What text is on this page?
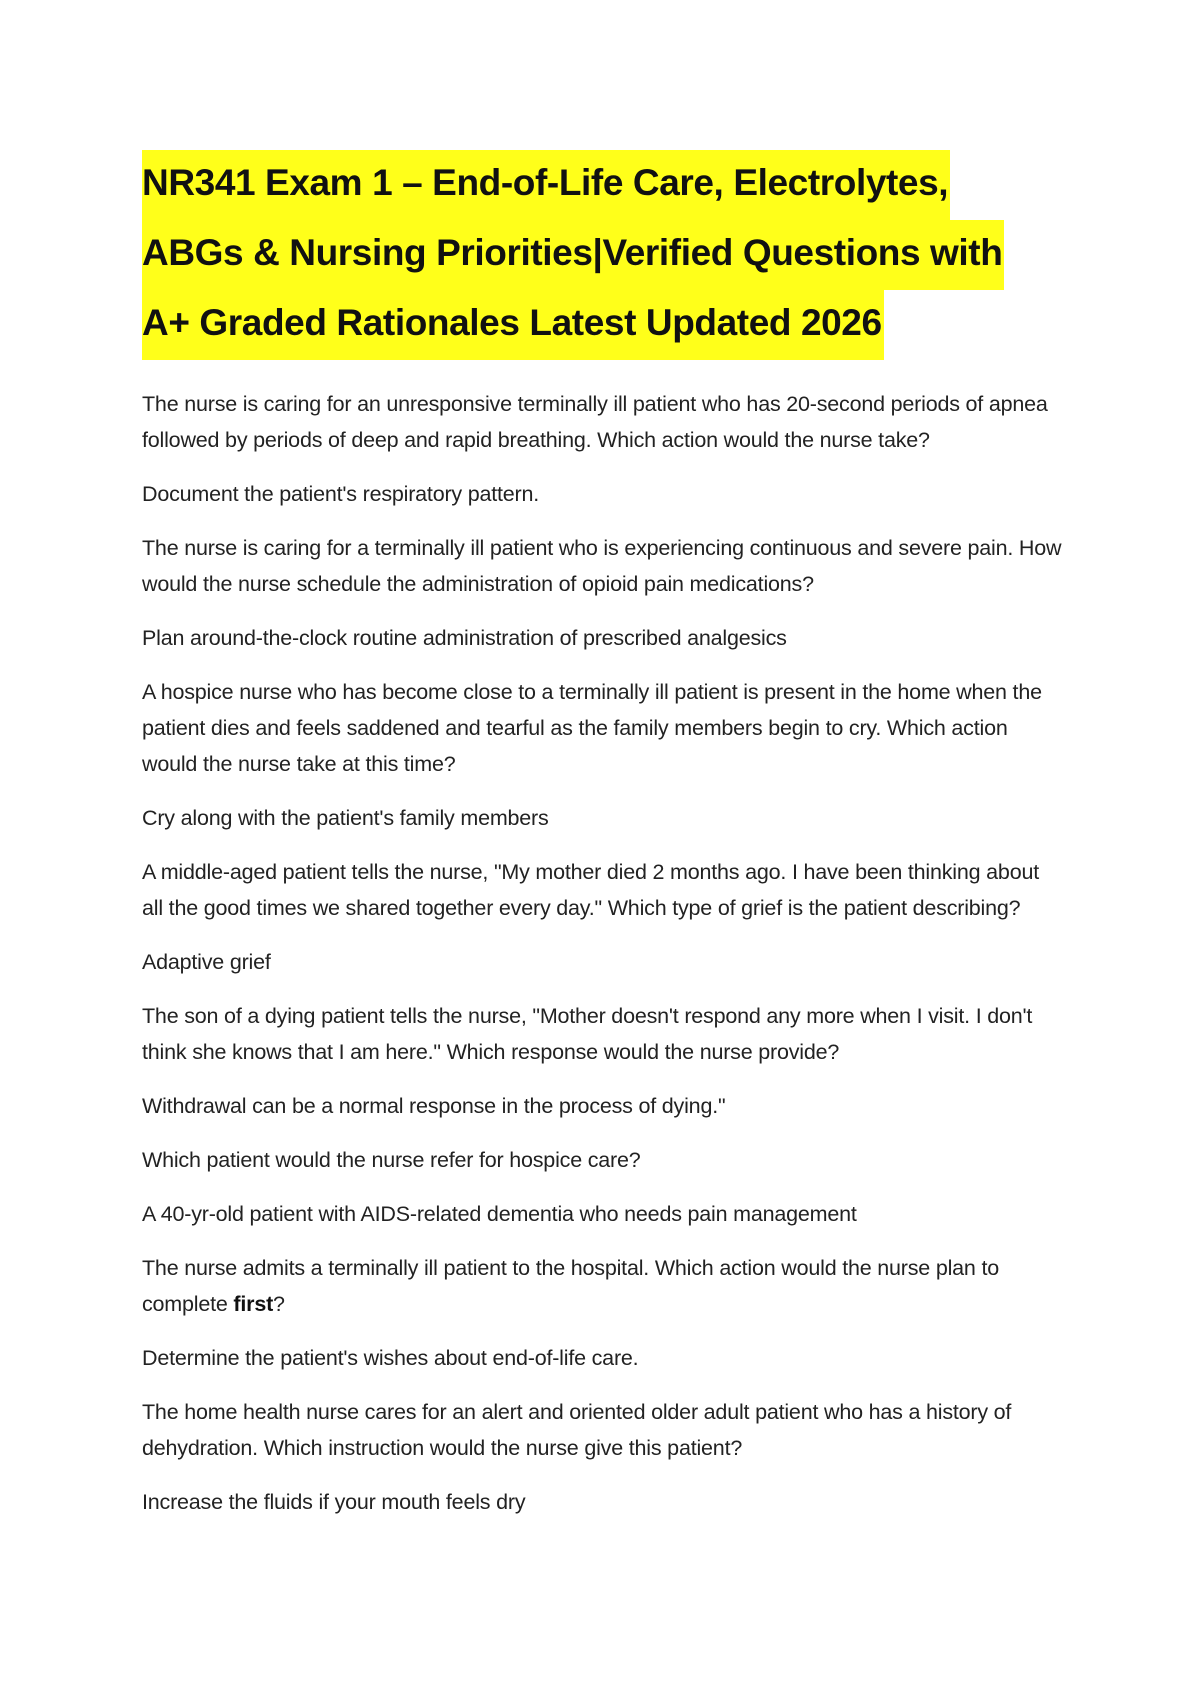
NR341 Exam 1 – End-of-Life Care, Electrolytes,
ABGs & Nursing Priorities|Verified Questions with
A+ Graded Rationales Latest Updated 2026

The nurse is caring for an unresponsive terminally ill patient who has 20-second periods of apnea followed by periods of deep and rapid breathing. Which action would the nurse take?

Document the patient's respiratory pattern.

The nurse is caring for a terminally ill patient who is experiencing continuous and severe pain. How would the nurse schedule the administration of opioid pain medications?

Plan around-the-clock routine administration of prescribed analgesics

A hospice nurse who has become close to a terminally ill patient is present in the home when the patient dies and feels saddened and tearful as the family members begin to cry. Which action would the nurse take at this time?

Cry along with the patient's family members

A middle-aged patient tells the nurse, "My mother died 2 months ago. I have been thinking about all the good times we shared together every day." Which type of grief is the patient describing?

Adaptive grief

The son of a dying patient tells the nurse, "Mother doesn't respond any more when I visit. I don't think she knows that I am here." Which response would the nurse provide?

Withdrawal can be a normal response in the process of dying."

Which patient would the nurse refer for hospice care?

A 40-yr-old patient with AIDS-related dementia who needs pain management

The nurse admits a terminally ill patient to the hospital. Which action would the nurse plan to complete first?

Determine the patient's wishes about end-of-life care.

The home health nurse cares for an alert and oriented older adult patient who has a history of dehydration. Which instruction would the nurse give this patient?

Increase the fluids if your mouth feels dry
